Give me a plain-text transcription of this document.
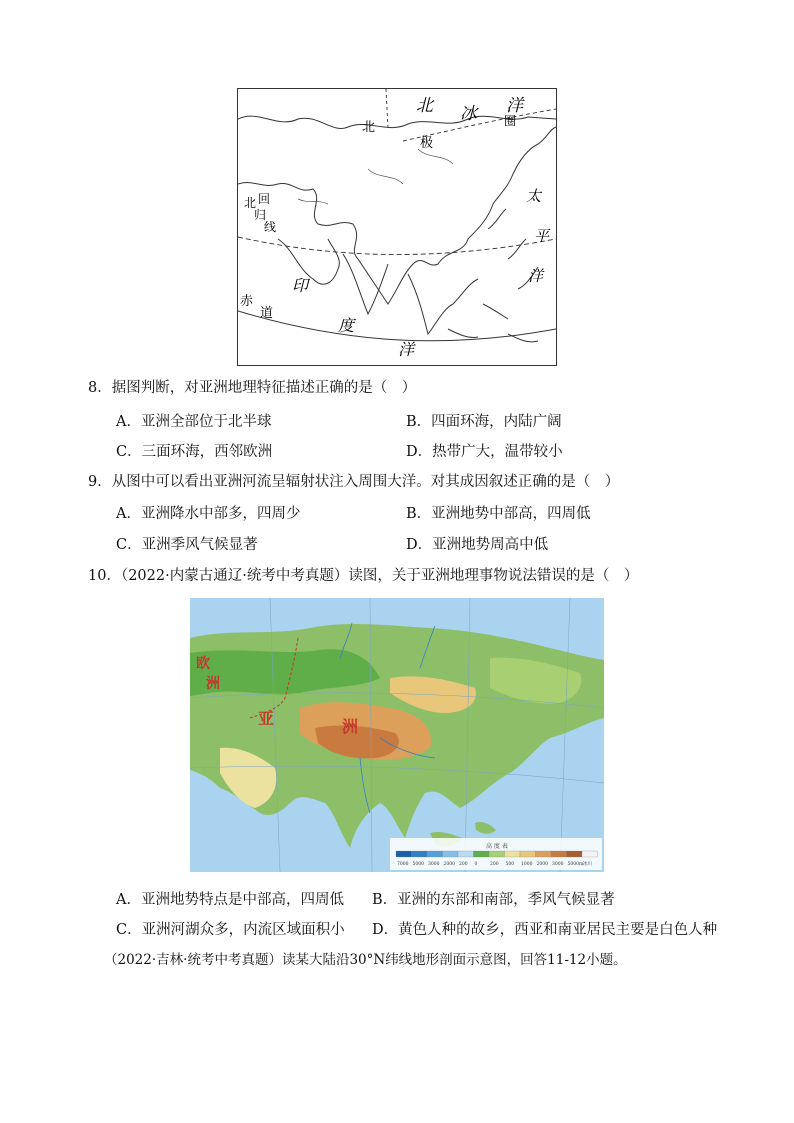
北 冰 洋
北
极
圈
太
平
洋
北 回
归
线
赤
道
印
度
洋
8．据图判断，对亚洲地理特征描述正确的是（　）
A．亚洲全部位于北半球	B．四面环海，内陆广阔
C．三面环海，西邻欧洲	D．热带广大，温带较小
9．从图中可以看出亚洲河流呈辐射状注入周围大洋。对其成因叙述正确的是（　）
A．亚洲降水中部多，四周少	B．亚洲地势中部高，四周低
C．亚洲季风气候显著	D．亚洲地势周高中低
10．（2022·内蒙古通辽·统考中考真题）读图，关于亚洲地理事物说法错误的是（　）
欧
洲
亚	洲
高 度 表
7000 5000 3000 2000 200 0	200 500 1000 2000 3000 5000m 冰川
A．亚洲地势特点是中部高，四周低 B．亚洲的东部和南部，季风气候显著
C．亚洲河湖众多，内流区域面积小 D．黄色人种的故乡，西亚和南亚居民主要是白色人种
（2022·吉林·统考中考真题）读某大陆沿30°N纬线地形剖面示意图，回答11-12小题。
